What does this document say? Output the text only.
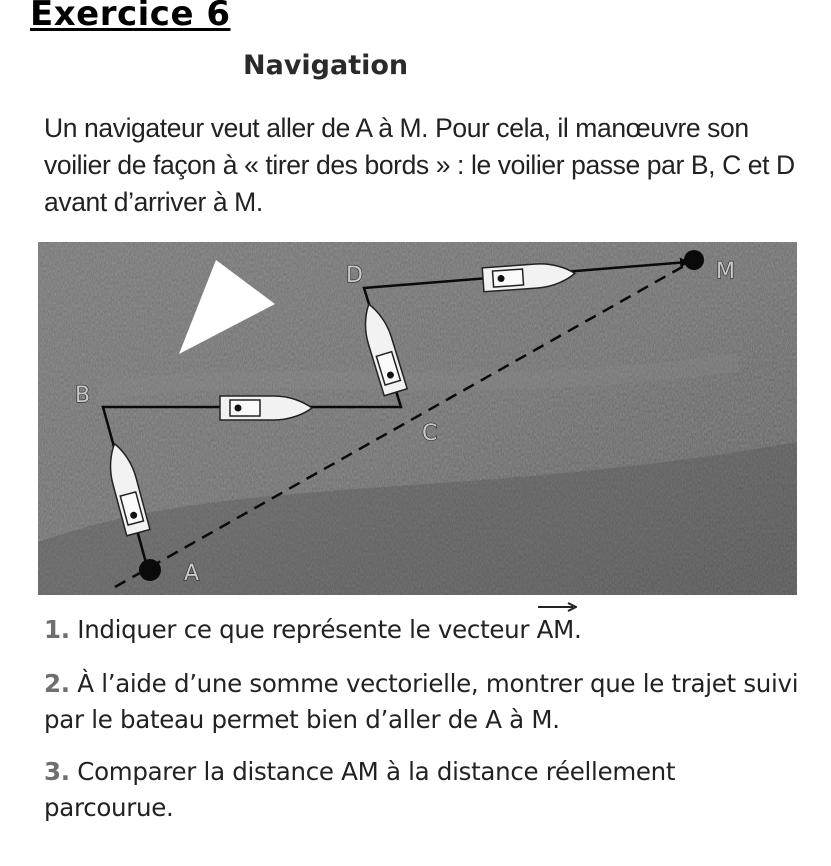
Exercice 6
Navigation

Un navigateur veut aller de A à M. Pour cela, il manœuvre son voilier de façon à « tirer des bords » : le voilier passe par B, C et D avant d’arriver à M.

A
B
C
D	M

1. Indiquer ce que représente le vecteur
AM.

2. À l’aide d’une somme vectorielle, montrer que le trajet suivi par le bateau permet bien d’aller de A à M.

3. Comparer la distance AM à la distance réellement parcourue.
